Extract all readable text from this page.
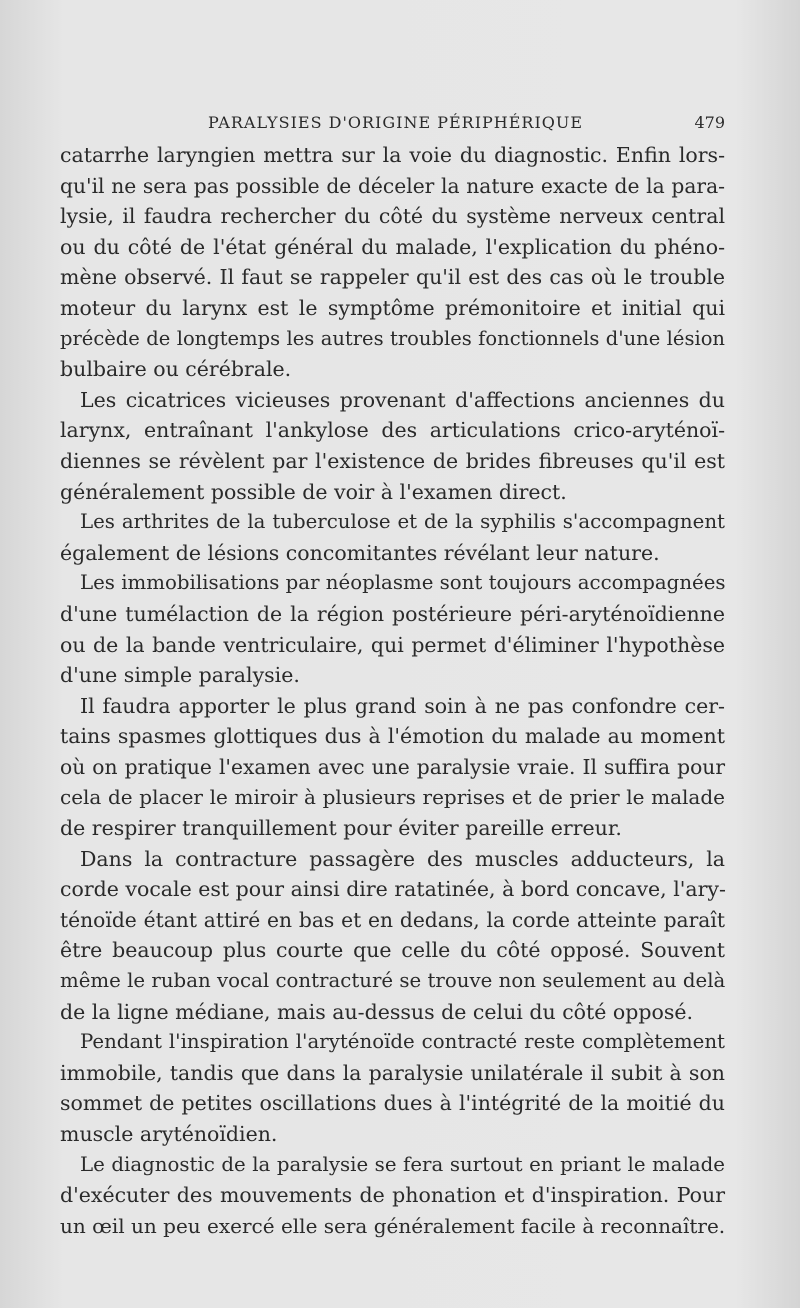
PARALYSIES D'ORIGINE PÉRIPHÉRIQUE	479

catarrhe laryngien mettra sur la voie du diagnostic. Enfin lors-
qu'il ne sera pas possible de déceler la nature exacte de la para-
lysie, il faudra rechercher du côté du système nerveux central
ou du côté de l'état général du malade, l'explication du phéno-
mène observé. Il faut se rappeler qu'il est des cas où le trouble
moteur du larynx est le symptôme prémonitoire et initial qui
précède de longtemps les autres troubles fonctionnels d'une lésion
bulbaire ou cérébrale.

Les cicatrices vicieuses provenant d'affections anciennes du
larynx, entraînant l'ankylose des articulations crico-aryténoï-
diennes se révèlent par l'existence de brides fibreuses qu'il est
généralement possible de voir à l'examen direct.

Les arthrites de la tuberculose et de la syphilis s'accompagnent
également de lésions concomitantes révélant leur nature.

Les immobilisations par néoplasme sont toujours accompagnées
d'une tumélaction de la région postérieure péri-aryténoïdienne
ou de la bande ventriculaire, qui permet d'éliminer l'hypothèse
d'une simple paralysie.

Il faudra apporter le plus grand soin à ne pas confondre cer-
tains spasmes glottiques dus à l'émotion du malade au moment
où on pratique l'examen avec une paralysie vraie. Il suffira pour
cela de placer le miroir à plusieurs reprises et de prier le malade
de respirer tranquillement pour éviter pareille erreur.

Dans la contracture passagère des muscles adducteurs, la
corde vocale est pour ainsi dire ratatinée, à bord concave, l'ary-
ténoïde étant attiré en bas et en dedans, la corde atteinte paraît
être beaucoup plus courte que celle du côté opposé. Souvent
même le ruban vocal contracturé se trouve non seulement au delà
de la ligne médiane, mais au-dessus de celui du côté opposé.

Pendant l'inspiration l'aryténoïde contracté reste complètement
immobile, tandis que dans la paralysie unilatérale il subit à son
sommet de petites oscillations dues à l'intégrité de la moitié du
muscle aryténoïdien.

Le diagnostic de la paralysie se fera surtout en priant le malade
d'exécuter des mouvements de phonation et d'inspiration. Pour
un œil un peu exercé elle sera généralement facile à reconnaître.
